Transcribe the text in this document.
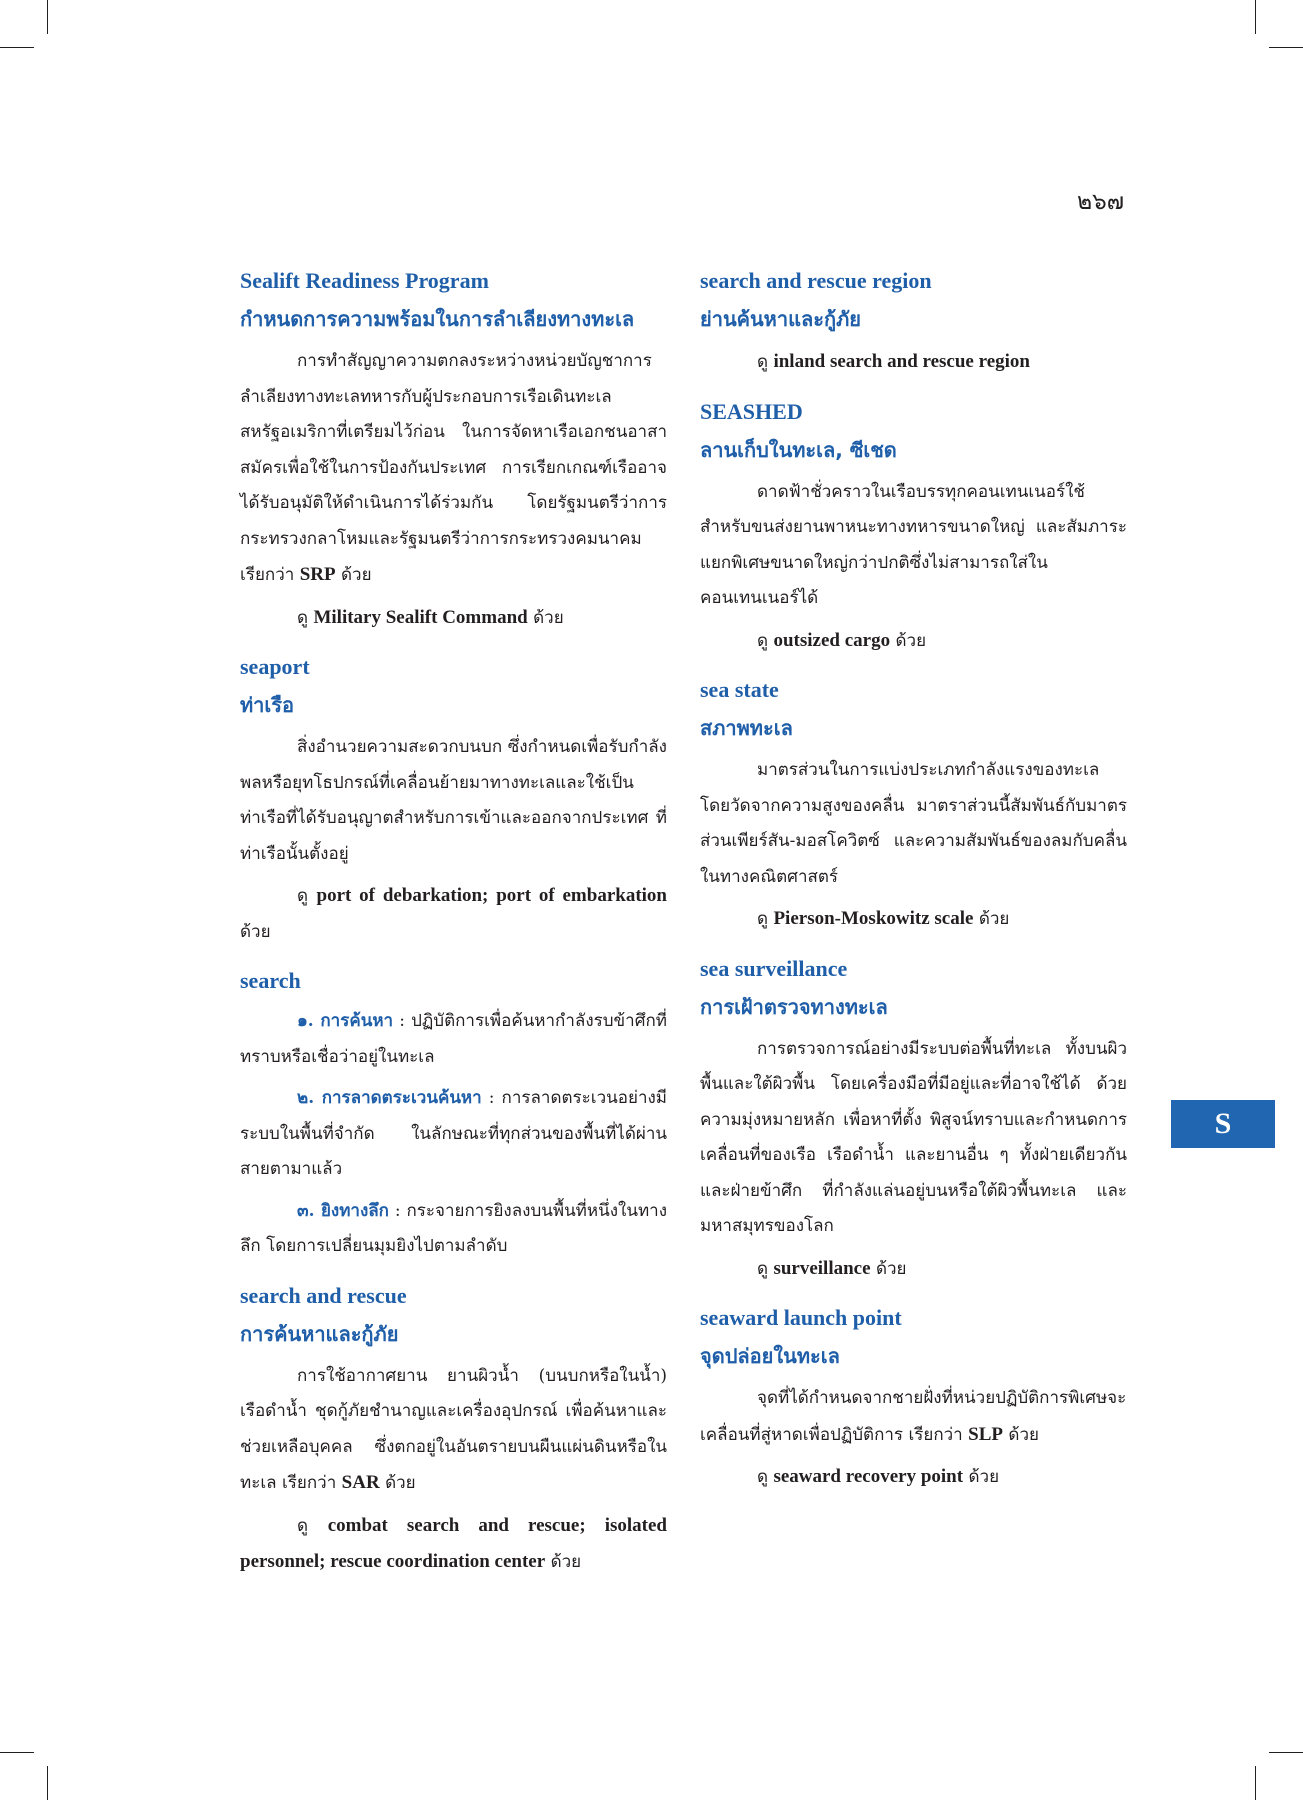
๒๖๗
Sealift Readiness Program
กำหนดการความพร้อมในการลำเลียงทางทะเล

การทำสัญญาความตกลงระหว่างหน่วยบัญชาการลำเลียงทางทะเลทหารกับผู้ประกอบการเรือเดินทะเลสหรัฐอเมริกาที่เตรียมไว้ก่อน ในการจัดหาเรือเอกชนอาสาสมัครเพื่อใช้ในการป้องกันประเทศ การเรียกเกณฑ์เรืออาจได้รับอนุมัติให้ดำเนินการได้ร่วมกัน โดยรัฐมนตรีว่าการกระทรวงกลาโหมและรัฐมนตรีว่าการกระทรวงคมนาคม เรียกว่า SRP ด้วย

ดู Military Sealift Command ด้วย

seaport
ท่าเรือ

สิ่งอำนวยความสะดวกบนบก ซึ่งกำหนดเพื่อรับกำลังพลหรือยุทโธปกรณ์ที่เคลื่อนย้ายมาทางทะเลและใช้เป็นท่าเรือที่ได้รับอนุญาตสำหรับการเข้าและออกจากประเทศ ที่ท่าเรือนั้นตั้งอยู่

ดู port of debarkation; port of embarkation ด้วย

search

๑. การค้นหา : ปฏิบัติการเพื่อค้นหากำลังรบข้าศึกที่ทราบหรือเชื่อว่าอยู่ในทะเล

๒. การลาดตระเวนค้นหา : การลาดตระเวนอย่างมีระบบในพื้นที่จำกัด ในลักษณะที่ทุกส่วนของพื้นที่ได้ผ่านสายตามาแล้ว

๓. ยิงทางลึก : กระจายการยิงลงบนพื้นที่หนึ่งในทางลึก โดยการเปลี่ยนมุมยิงไปตามลำดับ

search and rescue
การค้นหาและกู้ภัย

การใช้อากาศยาน ยานผิวน้ำ (บนบกหรือในน้ำ) เรือดำน้ำ ชุดกู้ภัยชำนาญและเครื่องอุปกรณ์ เพื่อค้นหาและช่วยเหลือบุคคล ซึ่งตกอยู่ในอันตรายบนผืนแผ่นดินหรือในทะเล เรียกว่า SAR ด้วย

ดู combat search and rescue; isolated personnel; rescue coordination center ด้วย

search and rescue region
ย่านค้นหาและกู้ภัย

ดู inland search and rescue region

SEASHED
ลานเก็บในทะเล, ซีเชด

ดาดฟ้าชั่วคราวในเรือบรรทุกคอนเทนเนอร์ใช้สำหรับขนส่งยานพาหนะทางทหารขนาดใหญ่ และสัมภาระแยกพิเศษขนาดใหญ่กว่าปกติซึ่งไม่สามารถใส่ในคอนเทนเนอร์ได้

ดู outsized cargo ด้วย

sea state
สภาพทะเล

มาตรส่วนในการแบ่งประเภทกำลังแรงของทะเลโดยวัดจากความสูงของคลื่น มาตราส่วนนี้สัมพันธ์กับมาตรส่วนเพียร์สัน-มอสโควิตซ์ และความสัมพันธ์ของลมกับคลื่นในทางคณิตศาสตร์

ดู Pierson-Moskowitz scale ด้วย

sea surveillance
การเฝ้าตรวจทางทะเล

การตรวจการณ์อย่างมีระบบต่อพื้นที่ทะเล ทั้งบนผิวพื้นและใต้ผิวพื้น โดยเครื่องมือที่มีอยู่และที่อาจใช้ได้ ด้วยความมุ่งหมายหลัก เพื่อหาที่ตั้ง พิสูจน์ทราบและกำหนดการเคลื่อนที่ของเรือ เรือดำน้ำ และยานอื่น ๆ ทั้งฝ่ายเดียวกันและฝ่ายข้าศึก ที่กำลังแล่นอยู่บนหรือใต้ผิวพื้นทะเล และมหาสมุทรของโลก

ดู surveillance ด้วย

seaward launch point
จุดปล่อยในทะเล

จุดที่ได้กำหนดจากชายฝั่งที่หน่วยปฏิบัติการพิเศษจะเคลื่อนที่สู่หาดเพื่อปฏิบัติการ เรียกว่า SLP ด้วย

ดู seaward recovery point ด้วย

S
